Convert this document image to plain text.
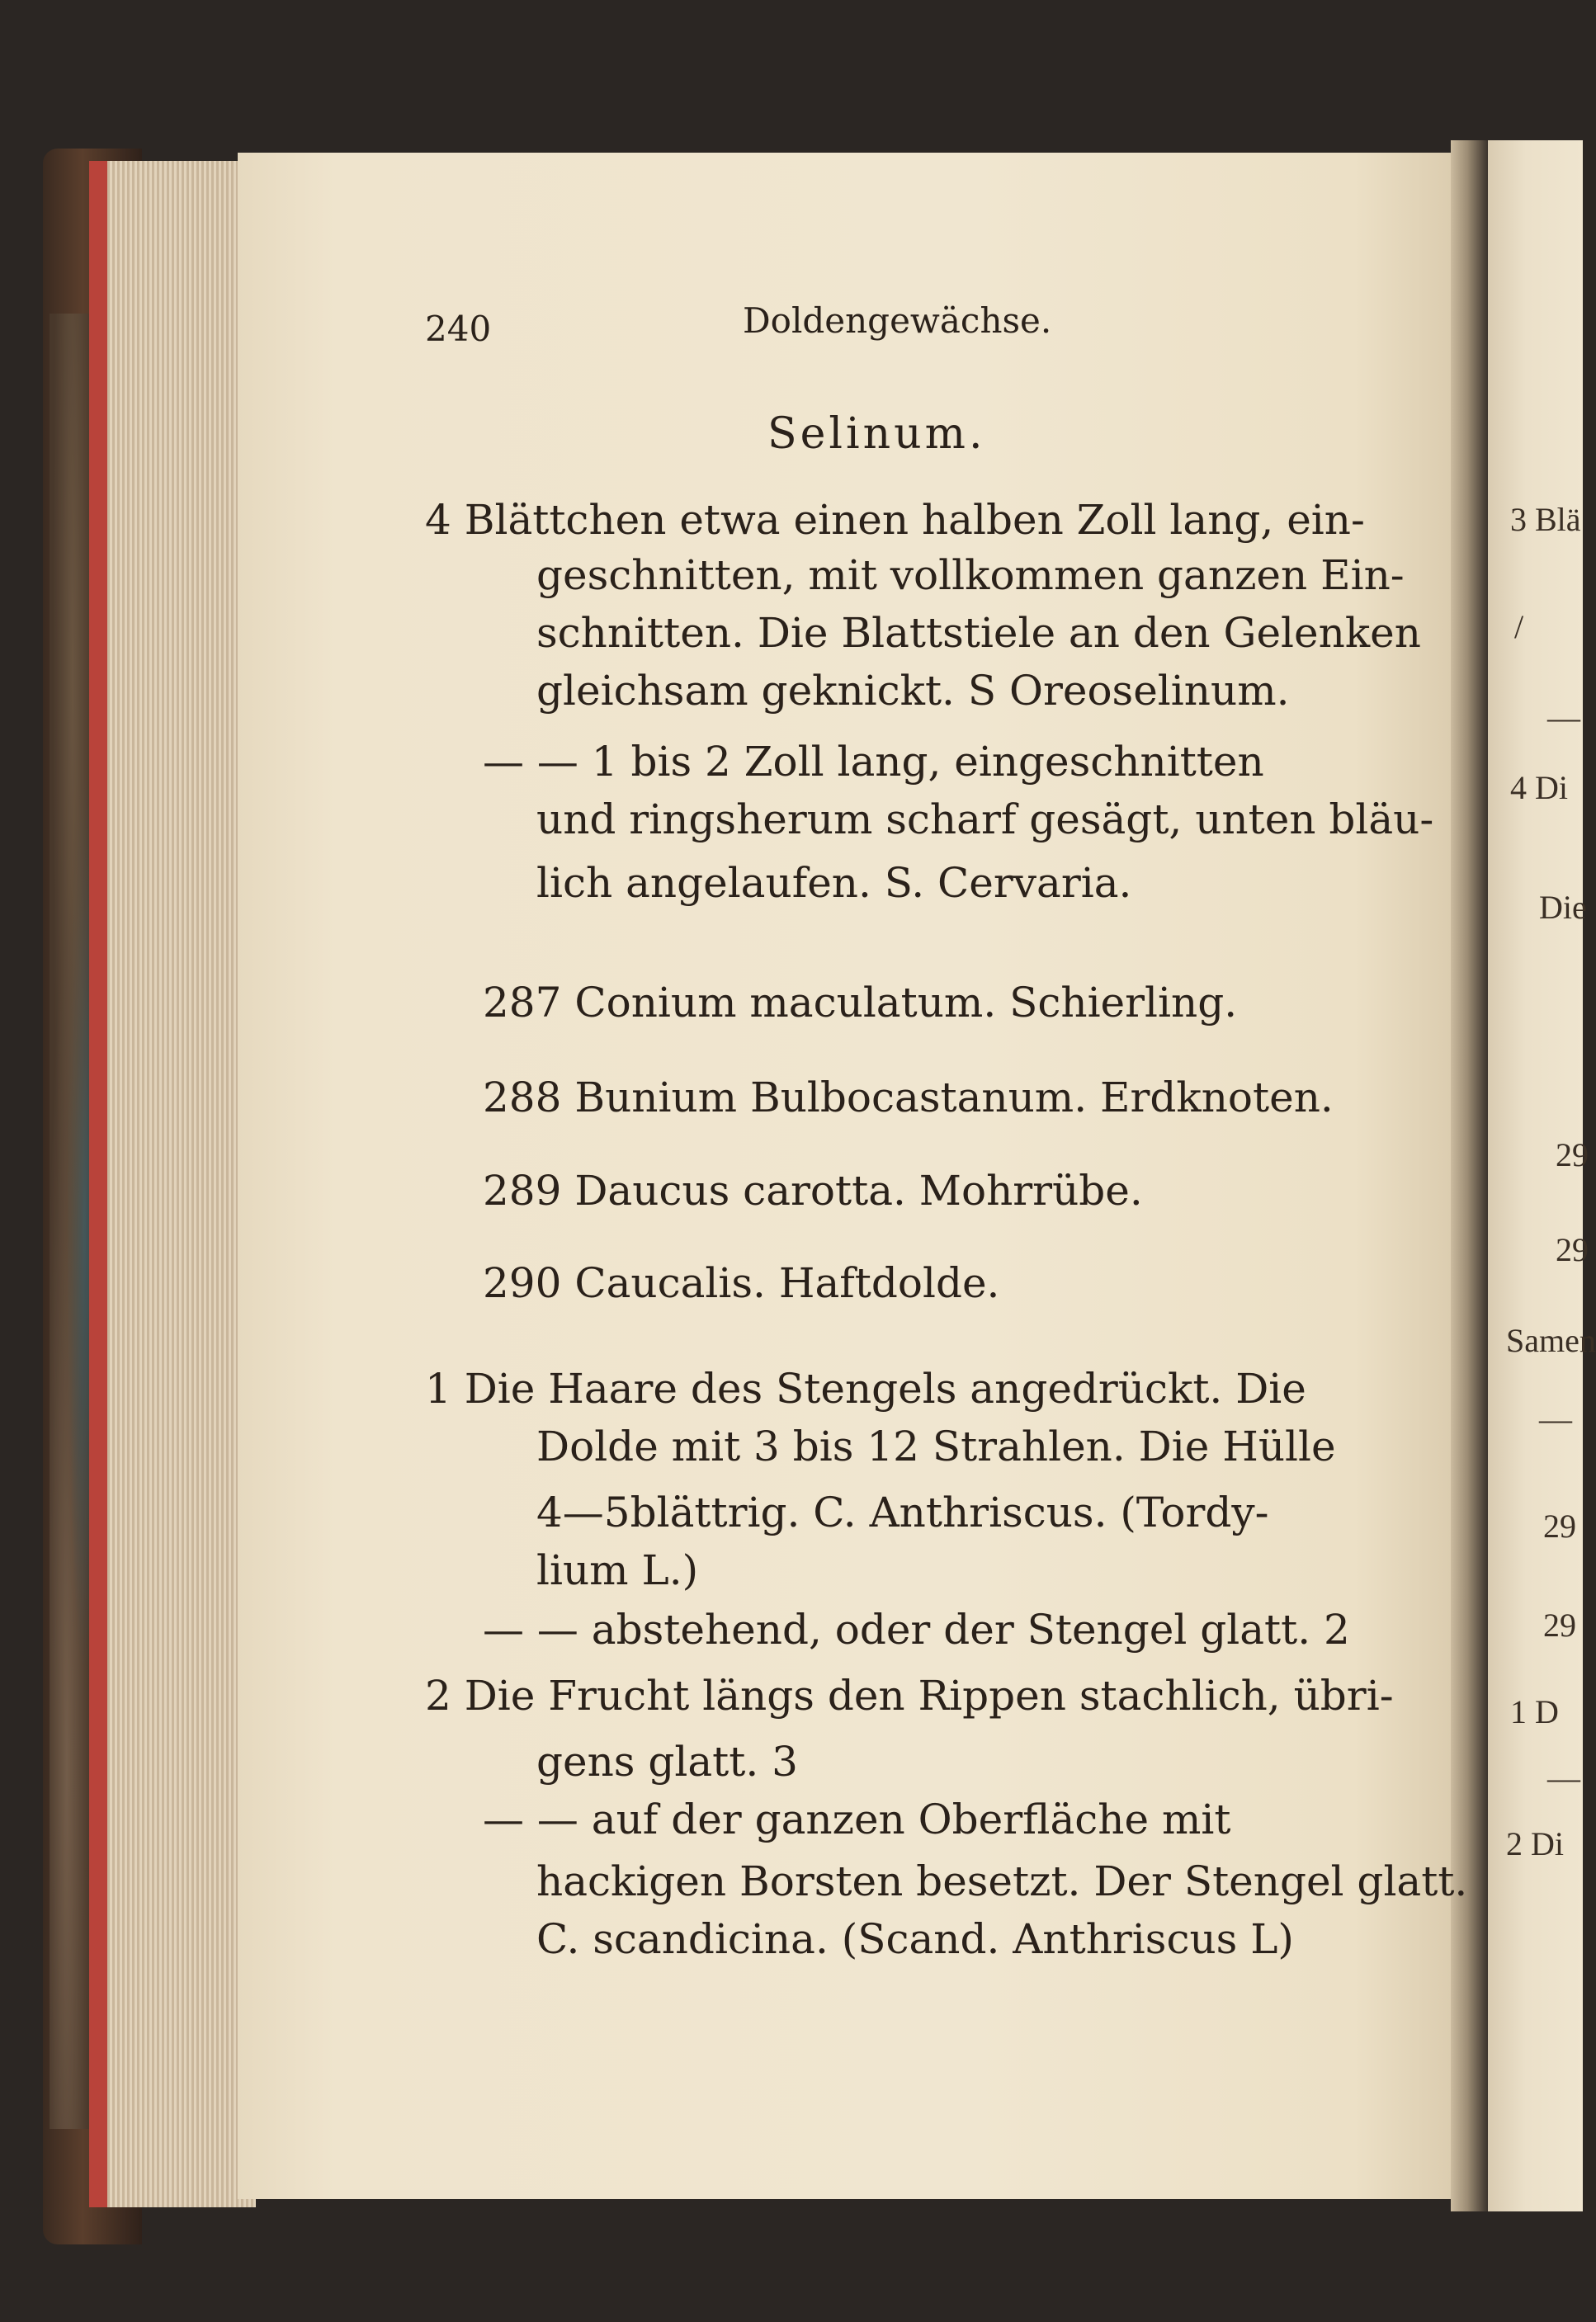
240	Doldengewächse.
Selinum.
4 Blättchen etwa einen halben Zoll lang, ein-
geschnitten, mit vollkommen ganzen Ein-
schnitten. Die Blattstiele an den Gelenken
gleichsam geknickt. S Oreoselinum.
— — 1 bis 2 Zoll lang, eingeschnitten
und ringsherum scharf gesägt, unten bläu-
lich angelaufen. S. Cervaria.
287 Conium maculatum. Schierling.
288 Bunium Bulbocastanum. Erdknoten.
289 Daucus carotta. Mohrrübe.
290 Caucalis. Haftdolde.
1 Die Haare des Stengels angedrückt. Die
Dolde mit 3 bis 12 Strahlen. Die Hülle
4—5blättrig. C. Anthriscus. (Tordy-
lium L.)
— — abstehend, oder der Stengel glatt. 2
2 Die Frucht längs den Rippen stachlich, übri-
gens glatt. 3
— — auf der ganzen Oberfläche mit
hackigen Borsten besetzt. Der Stengel glatt.
C. scandicina. (Scand. Anthriscus L)
3 Blä
/
—
4 Di
Die
29
29
Samen
—
29
29
1 D
—
2 Di
